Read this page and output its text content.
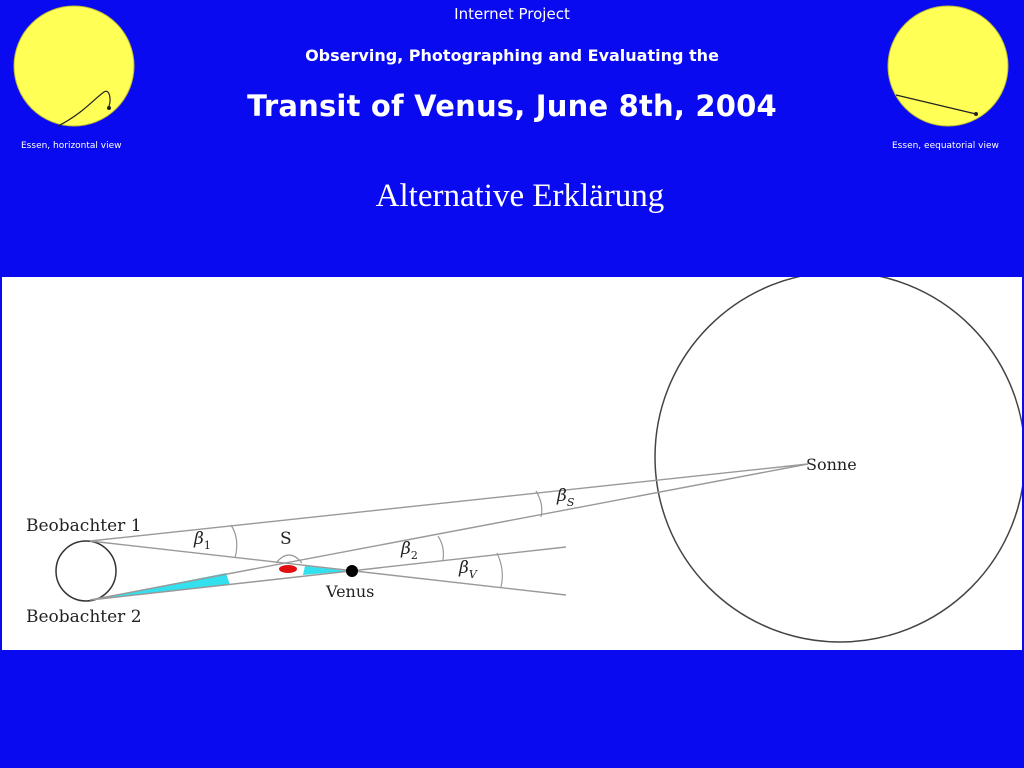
Essen, horizontal view	Essen, eequatorial view
Internet Project
Observing, Photographing and Evaluating the
Transit of Venus, June 8th, 2004
Alternative Erklärung
Beobachter 1
Beobachter 2
Sonne
Venus
S
$\beta_1$	$\beta_2$
$\beta_S$
$\beta_V$
